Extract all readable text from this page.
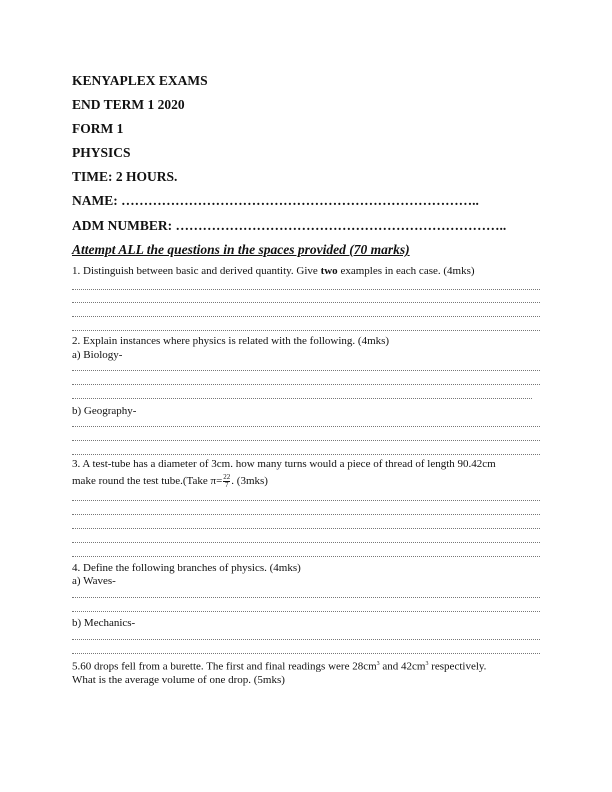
KENYAPLEX EXAMS
END TERM 1 2020
FORM 1
PHYSICS
TIME: 2 HOURS.
NAME: ……………………………………………………………………..
ADM NUMBER: ………………………………………………………………..
Attempt ALL the questions in the spaces provided (70 marks)
1. Distinguish between basic and derived quantity. Give two examples in each case. (4mks)
2. Explain instances where physics is related with the following. (4mks)
a) Biology-
b) Geography-
3. A test-tube has a diameter of 3cm. how many turns would a piece of thread of length 90.42cm
make round the test tube.(Take $\pi= \frac{22}{7}$ . (3mks)
4. Define the following branches of physics. (4mks)
a) Waves-
b) Mechanics-
5.60 drops fell from a burette. The first and final readings were $28cm^3$ and $42cm^3$ respectively.
What is the average volume of one drop. (5mks)
